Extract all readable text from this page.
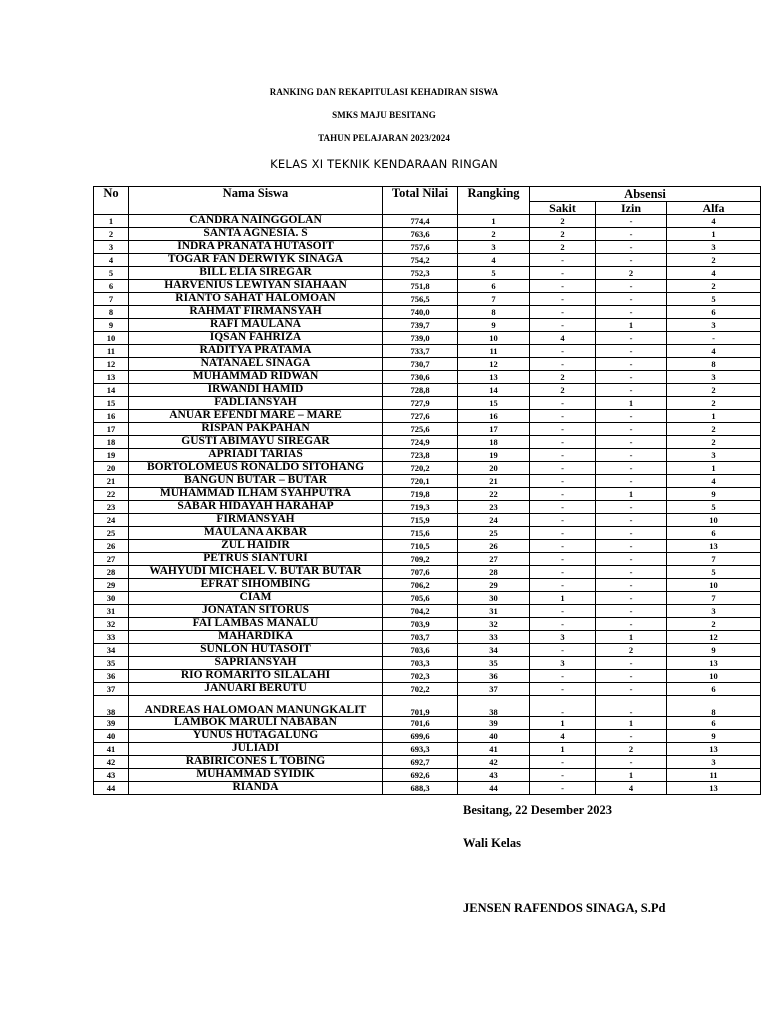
RANKING DAN REKAPITULASI KEHADIRAN SISWA
SMKS MAJU BESITANG
TAHUN PELAJARAN 2023/2024
KELAS XI TEKNIK KENDARAAN RINGAN
No	Nama Siswa	Total Nilai	Rangking	Absensi		
				Sakit	Izin	Alfa
1	CANDRA NAINGGOLAN	774,4	1	2	-	4
2	SANTA AGNESIA. S	763,6	2	2	-	1
3	INDRA PRANATA HUTASOIT	757,6	3	2	-	3
4	TOGAR FAN DERWIYK SINAGA	754,2	4	-	-	2
5	BILL ELIA SIREGAR	752,3	5	-	2	4
6	HARVENIUS LEWIYAN SIAHAAN	751,8	6	-	-	2
7	RIANTO SAHAT HALOMOAN	756,5	7	-	-	5
8	RAHMAT FIRMANSYAH	740,0	8	-	-	6
9	RAFI MAULANA	739,7	9	-	1	3
10	IQSAN FAHRIZA	739,0	10	4	-	-
11	RADITYA PRATAMA	733,7	11	-	-	4
12	NATANAEL SINAGA	730,7	12	-	-	8
13	MUHAMMAD RIDWAN	730,6	13	2	-	3
14	IRWANDI HAMID	728,8	14	2	-	2
15	FADLIANSYAH	727,9	15	-	1	2
16	ANUAR EFENDI MARE – MARE	727,6	16	-	-	1
17	RISPAN PAKPAHAN	725,6	17	-	-	2
18	GUSTI ABIMAYU SIREGAR	724,9	18	-	-	2
19	APRIADI TARIAS	723,8	19	-	-	3
20	BORTOLOMEUS RONALDO SITOHANG	720,2	20	-	-	1
21	BANGUN BUTAR – BUTAR	720,1	21	-	-	4
22	MUHAMMAD ILHAM SYAHPUTRA	719,8	22	-	1	9
23	SABAR HIDAYAH HARAHAP	719,3	23	-	-	5
24	FIRMANSYAH	715,9	24	-	-	10
25	MAULANA AKBAR	715,6	25	-	-	6
26	ZUL HAIDIR	710,5	26	-	-	13
27	PETRUS SIANTURI	709,2	27	-	-	7
28	WAHYUDI MICHAEL V. BUTAR BUTAR	707,6	28	-	-	5
29	EFRAT SIHOMBING	706,2	29	-	-	10
30	CIAM	705,6	30	1	-	7
31	JONATAN SITORUS	704,2	31	-	-	3
32	FAI LAMBAS MANALU	703,9	32	-	-	2
33	MAHARDIKA	703,7	33	3	1	12
34	SUNLON HUTASOIT	703,6	34	-	2	9
35	SAPRIANSYAH	703,3	35	3	-	13
36	RIO ROMARITO SILALAHI	702,3	36	-	-	10
37	JANUARI BERUTU	702,2	37	-	-	6
38	ANDREAS HALOMOAN MANUNGKALIT	701,9	38	-	-	8
39	LAMBOK MARULI NABABAN	701,6	39	1	1	6
40	YUNUS HUTAGALUNG	699,6	40	4	-	9
41	JULIADI	693,3	41	1	2	13
42	RABIRICONES L TOBING	692,7	42	-	-	3
43	MUHAMMAD SYIDIK	692,6	43	-	1	11
44	RIANDA	688,3	44	-	4	13
Besitang, 22 Desember 2023
Wali Kelas
JENSEN RAFENDOS SINAGA, S.Pd
